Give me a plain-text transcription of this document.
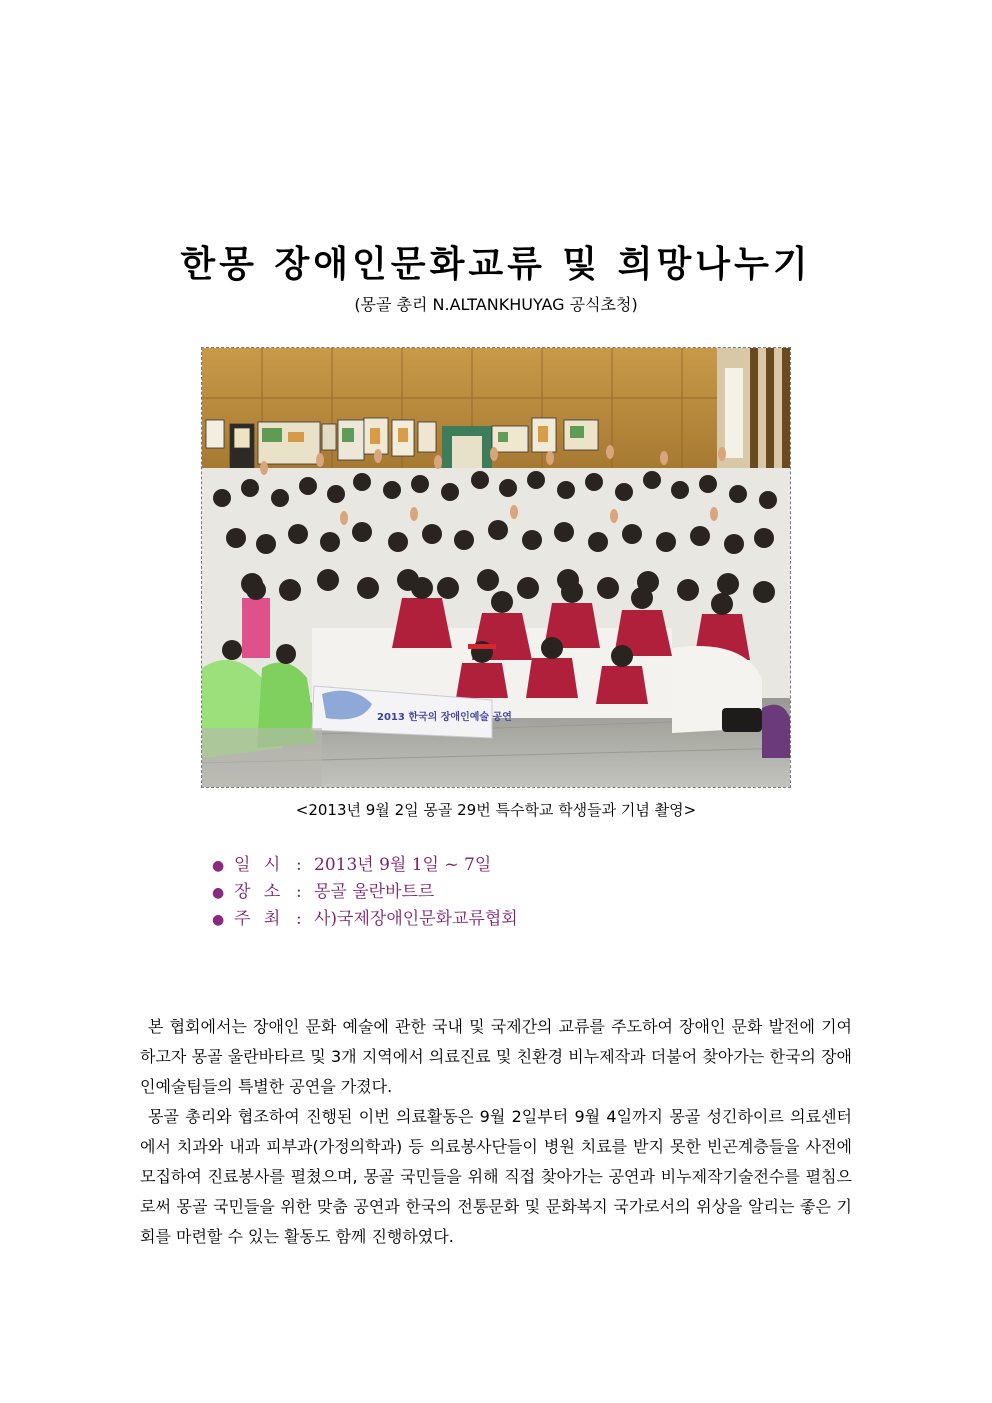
한몽 장애인문화교류 및 희망나누기
(몽골 총리 N.ALTANKHUYAG 공식초청)
2013 한국의 장애인예술 공연
<2013년 9월 2일 몽골 29번 특수학교 학생들과 기념 촬영>
● 일 시 : 2013년 9월 1일 ~ 7일
● 장 소 : 몽골 울란바트르
● 주 최 : 사)국제장애인문화교류협회

본 협회에서는 장애인 문화 예술에 관한 국내 및 국제간의 교류를 주도하여 장애인 문화 발전에 기여하고자 몽골 울란바타르 및 3개 지역에서 의료진료 및 친환경 비누제작과 더불어 찾아가는 한국의 장애인예술팀들의 특별한 공연을 가졌다.

몽골 총리와 협조하여 진행된 이번 의료활동은 9월 2일부터 9월 4일까지 몽골 성긴하이르 의료센터에서 치과와 내과 피부과(가정의학과) 등 의료봉사단들이 병원 치료를 받지 못한 빈곤계층들을 사전에 모집하여 진료봉사를 펼쳤으며, 몽골 국민들을 위해 직접 찾아가는 공연과 비누제작기술전수를 펼침으로써 몽골 국민들을 위한 맞춤 공연과 한국의 전통문화 및 문화복지 국가로서의 위상을 알리는 좋은 기회를 마련할 수 있는 활동도 함께 진행하였다.
